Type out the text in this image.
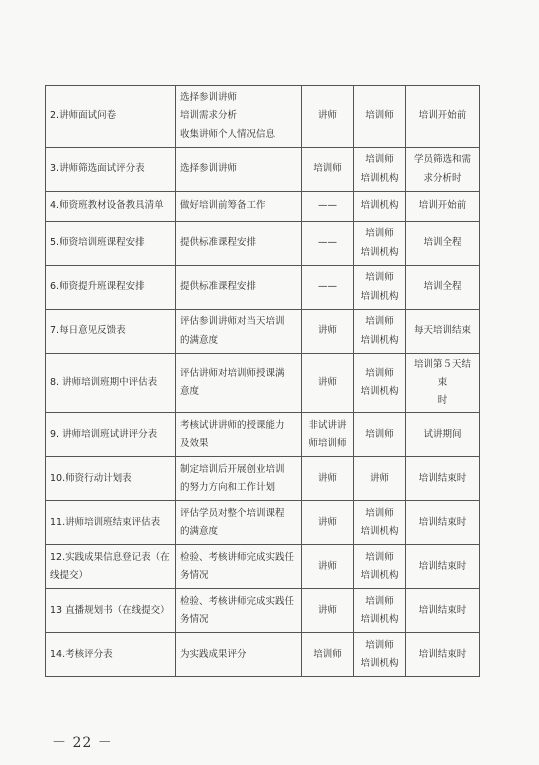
2.讲师面试问卷	选择参训讲师
培训需求分析
收集讲师个人情况信息	讲师	培训师	培训开始前

3.讲师筛选面试评分表	选择参训讲师	培训师	培训师
培训机构	学员筛选和需
求分析时

4.师资班教材设备教具清单	做好培训前筹备工作	——	培训机构	培训开始前

5.师资培训班课程安排	提供标准课程安排	——	培训师
培训机构	培训全程

6.师资提升班课程安排	提供标准课程安排	——	培训师
培训机构	培训全程

7.每日意见反馈表	评估参训讲师对当天培训
的满意度	讲师	培训师
培训机构	每天培训结束

8. 讲师培训班期中评估表	评估讲师对培训师授课满
意度	讲师	培训师
培训机构	培训第５天结束
时

9. 讲师培训班试讲评分表	考核试讲讲师的授课能力
及效果	非试讲讲
师培训师	培训师	试讲期间

10.师资行动计划表	制定培训后开展创业培训
的努力方向和工作计划	讲师	讲师	培训结束时

11.讲师培训班结束评估表	评估学员对整个培训课程
的满意度	讲师	培训师
培训机构	培训结束时

12.实践成果信息登记表（在线提交）	检验、考核讲师完成实践任
务情况	讲师	培训师
培训机构	培训结束时

13 直播规划书（在线提交）	检验、考核讲师完成实践任
务情况	讲师	培训师
培训机构	培训结束时

14.考核评分表	为实践成果评分	培训师	培训师
培训机构	培训结束时
－ 22 －
